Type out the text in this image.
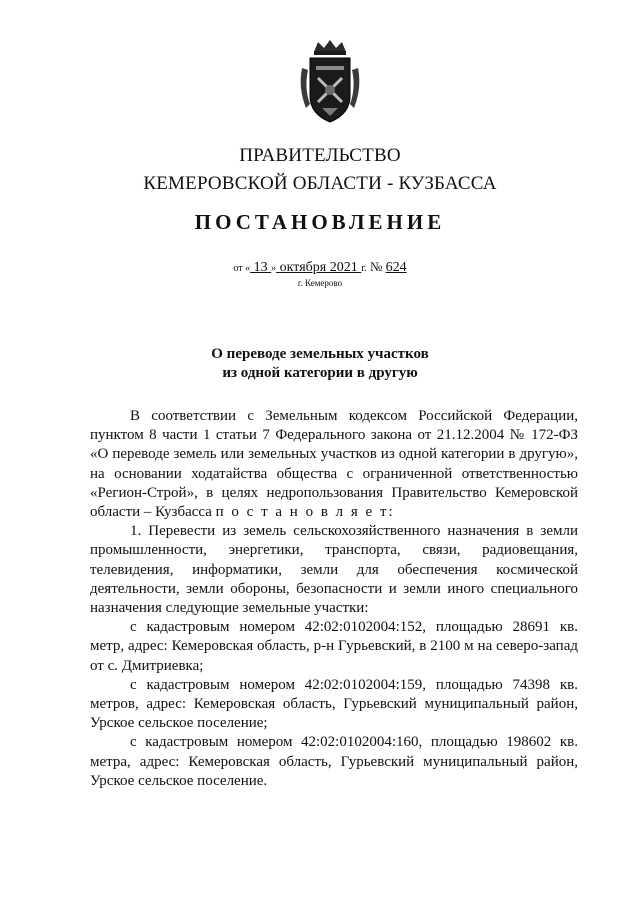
ПРАВИТЕЛЬСТВО
КЕМЕРОВСКОЙ ОБЛАСТИ - КУЗБАССА
ПОСТАНОВЛЕНИЕ
от « 13 » октября 2021 г. № 624
г. Кемерово
О переводе земельных участков
из одной категории в другую

В соответствии с Земельным кодексом Российской Федерации, пунктом 8 части 1 статьи 7 Федерального закона от 21.12.2004 № 172-ФЗ «О переводе земель или земельных участков из одной категории в другую», на основании ходатайства общества с ограниченной ответственностью «Регион-Строй», в целях недропользования Правительство Кемеровской области – Кузбасса п о с т а н о в л я е т:

1. Перевести из земель сельскохозяйственного назначения в земли промышленности, энергетики, транспорта, связи, радиовещания, телевидения, информатики, земли для обеспечения космической деятельности, земли обороны, безопасности и земли иного специального назначения следующие земельные участки:

с кадастровым номером 42:02:0102004:152, площадью 28691 кв. метр, адрес: Кемеровская область, р-н Гурьевский, в 2100 м на северо-запад от с. Дмитриевка;

с кадастровым номером 42:02:0102004:159, площадью 74398 кв. метров, адрес: Кемеровская область, Гурьевский муниципальный район, Урское сельское поселение;

с кадастровым номером 42:02:0102004:160, площадью 198602 кв. метра, адрес: Кемеровская область, Гурьевский муниципальный район, Урское сельское поселение.
